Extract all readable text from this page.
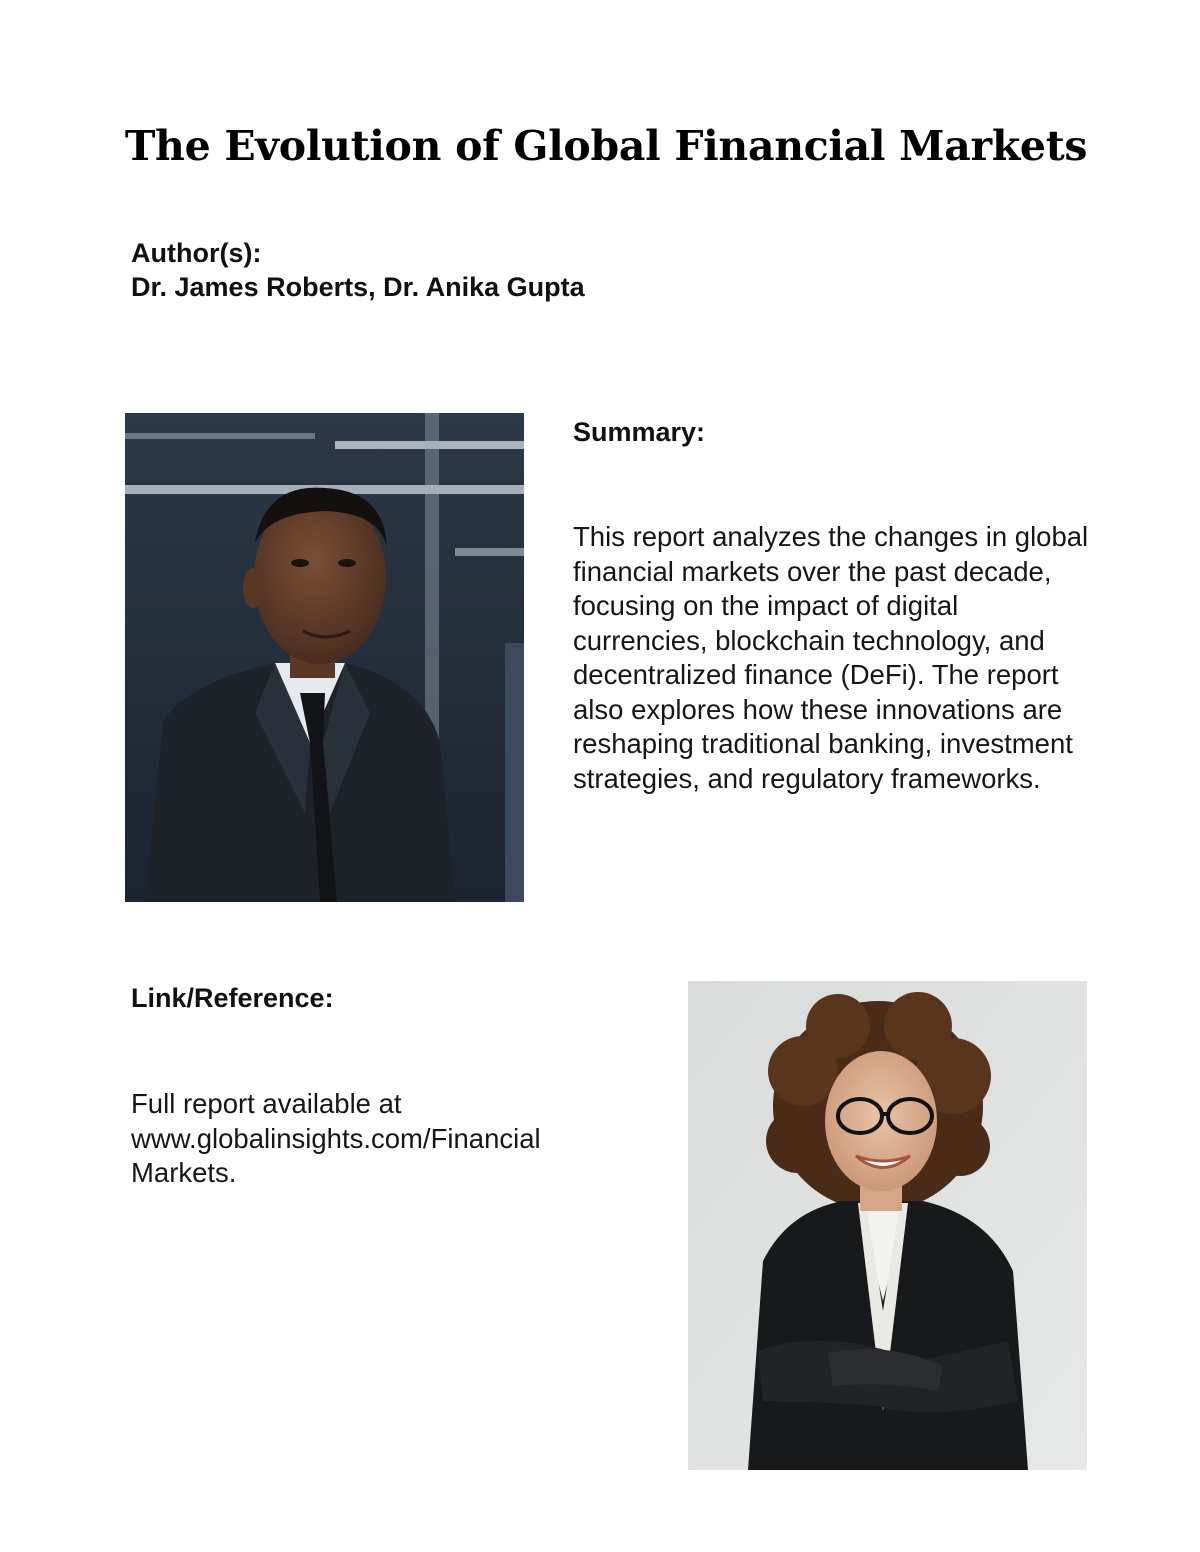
The Evolution of Global Financial Markets
Author(s):
Dr. James Roberts, Dr. Anika Gupta
Summary:
This report analyzes the changes in global financial markets over the past decade, focusing on the impact of digital currencies, blockchain technology, and decentralized finance (DeFi). The report also explores how these innovations are reshaping traditional banking, investment strategies, and regulatory frameworks.
Link/Reference:
Full report available at
www.globalinsights.com/Financial
Markets.
